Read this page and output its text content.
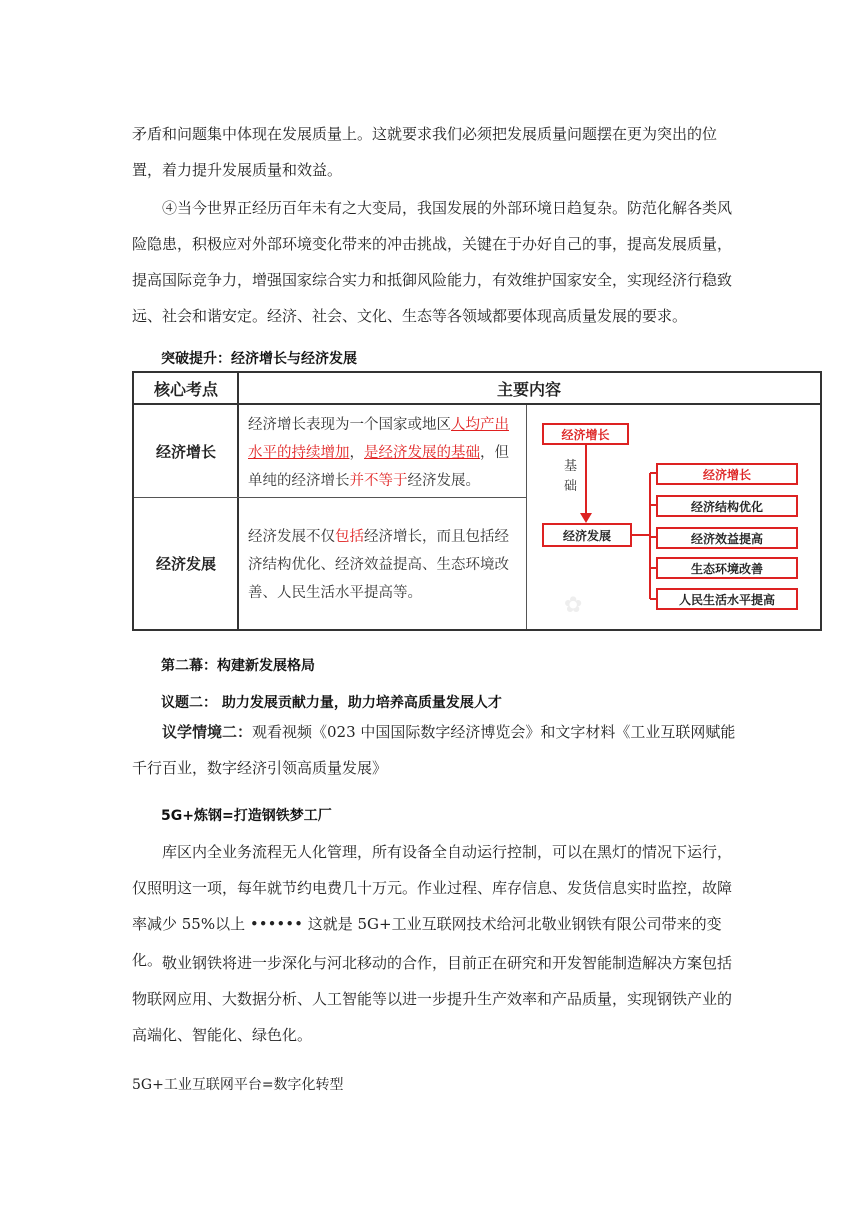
矛盾和问题集中体现在发展质量上。这就要求我们必须把发展质量问题摆在更为突出的位置，着力提升发展质量和效益。

④当今世界正经历百年未有之大变局，我国发展的外部环境日趋复杂。防范化解各类风险隐患，积极应对外部环境变化带来的冲击挑战，关键在于办好自己的事，提高发展质量，提高国际竞争力，增强国家综合实力和抵御风险能力，有效维护国家安全，实现经济行稳致远、社会和谐安定。经济、社会、文化、生态等各领域都要体现高质量发展的要求。

突破提升：经济增长与经济发展
核心考点	主要内容
经济增长
经济增长表现为一个国家或地区人均产出水平的持续增加，是经济发展的基础，但单纯的经济增长并不等于经济发展。
经济发展
经济发展不仅包括经济增长，而且包括经济结构优化、经济效益提高、生态环境改善、人民生活水平提高等。	✿
经济增长
基
础
经济发展
经济增长
经济结构优化
经济效益提高
生态环境改善
人民生活水平提高
第二幕：构建新发展格局
议题二： 助力发展贡献力量，助力培养高质量发展人才

议学情境二：观看视频《023 中国国际数字经济博览会》和文字材料《工业互联网赋能千行百业，数字经济引领高质量发展》

5G+炼钢=打造钢铁梦工厂

库区内全业务流程无人化管理，所有设备全自动运行控制，可以在黑灯的情况下运行，仅照明这一项，每年就节约电费几十万元。作业过程、库存信息、发货信息实时监控，故障率减少 55%以上 •••••• 这就是 5G+工业互联网技术给河北敬业钢铁有限公司带来的变化。 敬业钢铁将进一步深化与河北移动的合作，目前正在研究和开发智能制造解决方案包括物联网应用、大数据分析、人工智能等以进一步提升生产效率和产品质量，实现钢铁产业的高端化、智能化、绿色化。

5G+工业互联网平台=数字化转型
